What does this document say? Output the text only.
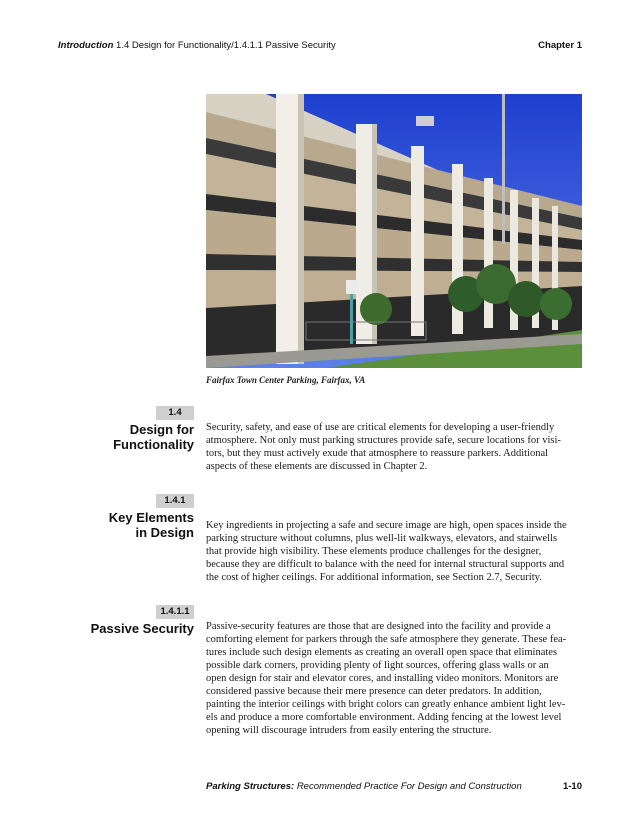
Introduction 1.4 Design for Functionality/1.4.1.1 Passive Security	Chapter 1
Fairfax Town Center Parking, Fairfax, VA
1.4
Design for
Functionality
Security, safety, and ease of use are critical elements for developing a user-friendly
atmosphere. Not only must parking structures provide safe, secure locations for visi-
tors, but they must actively exude that atmosphere to reassure parkers. Additional
aspects of these elements are discussed in Chapter 2.
1.4.1
Key Elements
in Design Key ingredients in projecting a safe and secure image are high, open spaces inside the
parking structure without columns, plus well-lit walkways, elevators, and stairwells
that provide high visibility. These elements produce challenges for the designer,
because they are difficult to balance with the need for internal structural supports and
the cost of higher ceilings. For additional information, see Section 2.7, Security.
1.4.1.1
Passive Security Passive-security features are those that are designed into the facility and provide a
comforting element for parkers through the safe atmosphere they generate. These fea-
tures include such design elements as creating an overall open space that eliminates
possible dark corners, providing plenty of light sources, offering glass walls or an
open design for stair and elevator cores, and installing video monitors. Monitors are
considered passive because their mere presence can deter predators. In addition,
painting the interior ceilings with bright colors can greatly enhance ambient light lev-
els and produce a more comfortable environment. Adding fencing at the lowest level
opening will discourage intruders from easily entering the structure.
Parking Structures: Recommended Practice For Design and Construction	1-10
